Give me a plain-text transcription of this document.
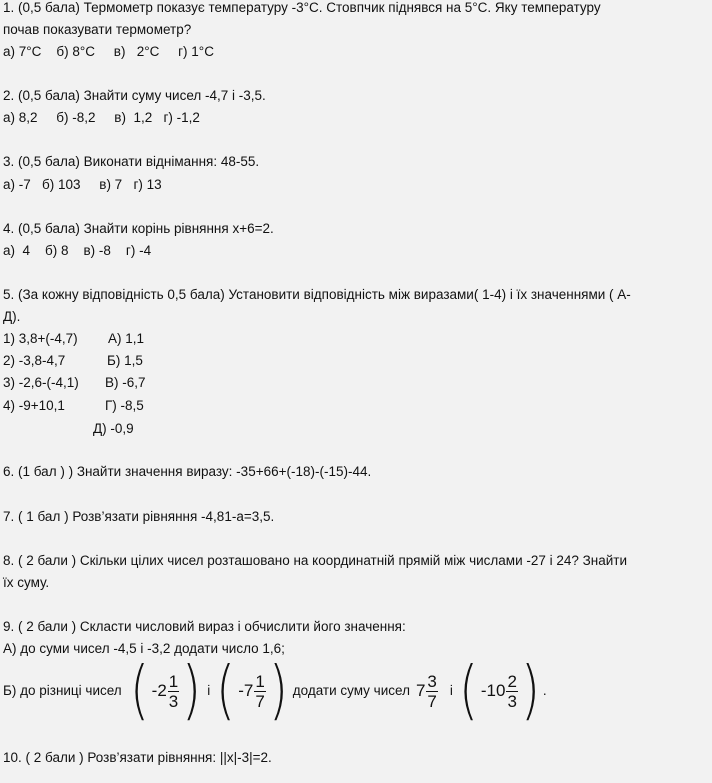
1. (0,5 бала) Термометр показує температуру -3°С. Стовпчик піднявся на 5°С. Яку температуру
почав показувати термометр?
а) 7°С    б) 8°С     в)   2°С     г) 1°С
2. (0,5 бала) Знайти суму чисел -4,7 і -3,5.
а) 8,2     б) -8,2     в)  1,2   г) -1,2
3. (0,5 бала) Виконати віднімання: 48-55.
а) -7   б) 103     в) 7   г) 13
4. (0,5 бала) Знайти корінь рівняння х+6=2.
а)  4    б) 8    в) -8    г) -4
5. (За кожну відповідність 0,5 бала) Установити відповідність між виразами( 1-4) і їх значеннями ( А-
Д).
1) 3,8+(-4,7) А) 1,1
2) -3,8-4,7	Б) 1,5
3) -2,6-(-4,1) В) -6,7
4) -9+10,1	Г) -8,5
Д) -0,9
6. (1 бал ) ) Знайти значення виразу: -35+66+(-18)-(-15)-44.
7. ( 1 бал ) Розв’язати рівняння -4,81-а=3,5.
8. ( 2 бали ) Скільки цілих чисел розташовано на координатній прямій між числами -27 і 24? Знайти
їх суму.
9. ( 2 бали ) Скласти числовий вираз і обчислити його значення:
А) до суми чисел -4,5 і -3,2 додати число 1,6;
Б) до різниці чисел ( $-2 \frac{1}{3}$ ) і ( $-7 \frac{1}{7}$ ) додати суму чисел $7 \frac{3}{7}$ і ( $-10 \frac{2}{3}$ ) .
10. ( 2 бали ) Розв’язати рівняння: ||x|-3|=2.
